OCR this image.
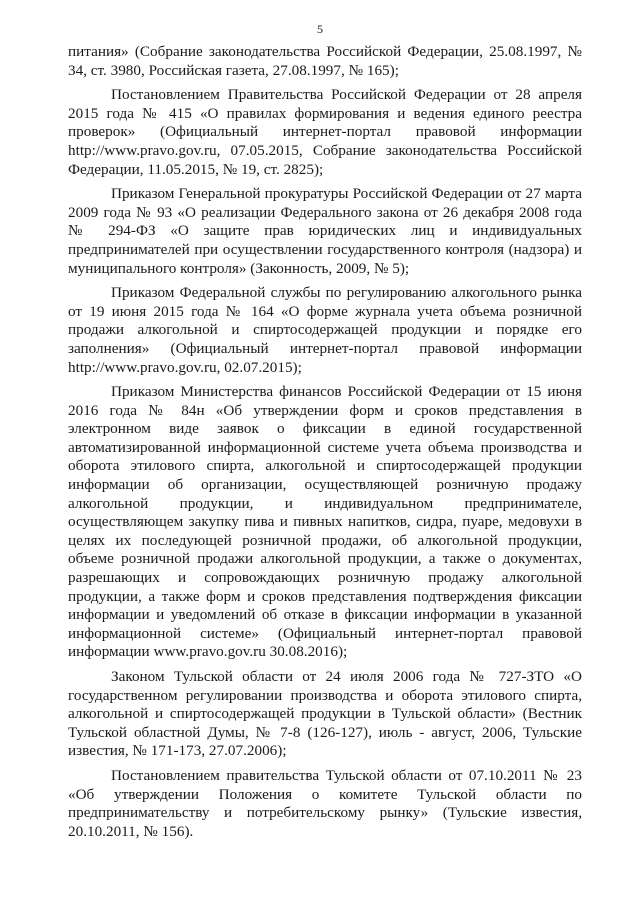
5

питания» (Собрание законодательства Российской Федерации, 25.08.1997, № 34, ст. 3980, Российская газета, 27.08.1997, № 165);

Постановлением Правительства Российской Федерации от 28 апреля 2015 года № 415 «О правилах формирования и ведения единого реестра проверок» (Официальный интернет-портал правовой информации http://www.pravo.gov.ru, 07.05.2015, Собрание законодательства Российской Федерации, 11.05.2015, № 19, ст. 2825);

Приказом Генеральной прокуратуры Российской Федерации от 27 марта 2009 года № 93 «О реализации Федерального закона от 26 декабря 2008 года № 294-ФЗ «О защите прав юридических лиц и индивидуальных предпринимателей при осуществлении государственного контроля (надзора) и муниципального контроля» (Законность, 2009, № 5);

Приказом Федеральной службы по регулированию алкогольного рынка от 19 июня 2015 года № 164 «О форме журнала учета объема розничной продажи алкогольной и спиртосодержащей продукции и порядке его заполнения» (Официальный интернет-портал правовой информации http://www.pravo.gov.ru, 02.07.2015);

Приказом Министерства финансов Российской Федерации от 15 июня 2016 года № 84н «Об утверждении форм и сроков представления в электронном виде заявок о фиксации в единой государственной автоматизированной информационной системе учета объема производства и оборота этилового спирта, алкогольной и спиртосодержащей продукции информации об организации, осуществляющей розничную продажу алкогольной продукции, и индивидуальном предпринимателе, осуществляющем закупку пива и пивных напитков, сидра, пуаре, медовухи в целях их последующей розничной продажи, об алкогольной продукции, объеме розничной продажи алкогольной продукции, а также о документах, разрешающих и сопровождающих розничную продажу алкогольной продукции, а также форм и сроков представления подтверждения фиксации информации и уведомлений об отказе в фиксации информации в указанной информационной системе» (Официальный интернет-портал правовой информации www.pravo.gov.ru 30.08.2016);

Законом Тульской области от 24 июля 2006 года № 727-ЗТО «О государственном регулировании производства и оборота этилового спирта, алкогольной и спиртосодержащей продукции в Тульской области» (Вестник Тульской областной Думы, № 7-8 (126-127), июль - август, 2006, Тульские известия, № 171-173, 27.07.2006);

Постановлением правительства Тульской области от 07.10.2011 № 23 «Об утверждении Положения о комитете Тульской области по предпринимательству и потребительскому рынку» (Тульские известия, 20.10.2011, № 156).
